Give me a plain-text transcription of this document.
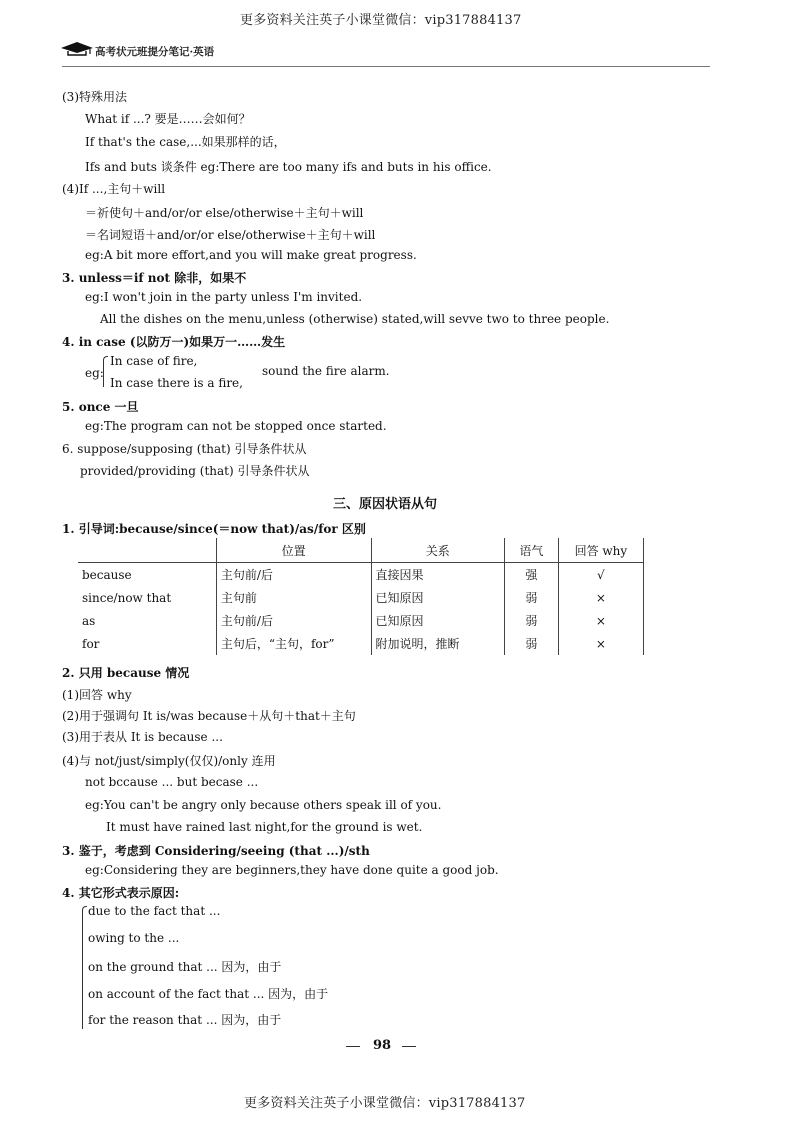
更多资料关注英子小课堂微信：vip317884137
高考状元班提分笔记·英语
(3)特殊用法
What if ...? 要是……会如何？
If that's the case,...如果那样的话，
Ifs and buts 谈条件 eg:There are too many ifs and buts in his office.
(4)If ...,主句＋will
＝祈使句＋and/or/or else/otherwise＋主句＋will
＝名词短语＋and/or/or else/otherwise＋主句＋will
eg:A bit more effort,and you will make great progress.
3. unless＝if not 除非，如果不
eg:I won't join in the party unless I'm invited.
All the dishes on the menu,unless (otherwise) stated,will sevve two to three people.
4. in case (以防万一)如果万一……发生
eg:
In case of fire,
In case there is a fire,
sound the fire alarm.
5. once 一旦
eg:The program can not be stopped once started.
6. suppose/supposing (that) 引导条件状从
provided/providing (that) 引导条件状从
三、原因状语从句
1. 引导词:because/since(＝now that)/as/for 区别
	位置	关系	语气	回答 why
because	主句前/后	直接因果	强	√
since/now that	主句前	已知原因	弱	×
as	主句前/后	已知原因	弱	×
for	主句后，“主句，for”	附加说明，推断	弱	×
2. 只用 because 情况
(1)回答 why
(2)用于强调句 It is/was because＋从句＋that＋主句
(3)用于表从 It is because ...
(4)与 not/just/simply(仅仅)/only 连用
not bccause ... but becase ...
eg:You can't be angry only because others speak ill of you.
It must have rained last night,for the ground is wet.
3. 鉴于，考虑到 Considering/seeing (that ...)/sth
eg:Considering they are beginners,they have done quite a good job.
4. 其它形式表示原因:
due to the fact that ...
owing to the ...
on the ground that ... 因为，由于
on account of the fact that ... 因为，由于
for the reason that ... 因为，由于
98
更多资料关注英子小课堂微信：vip317884137
